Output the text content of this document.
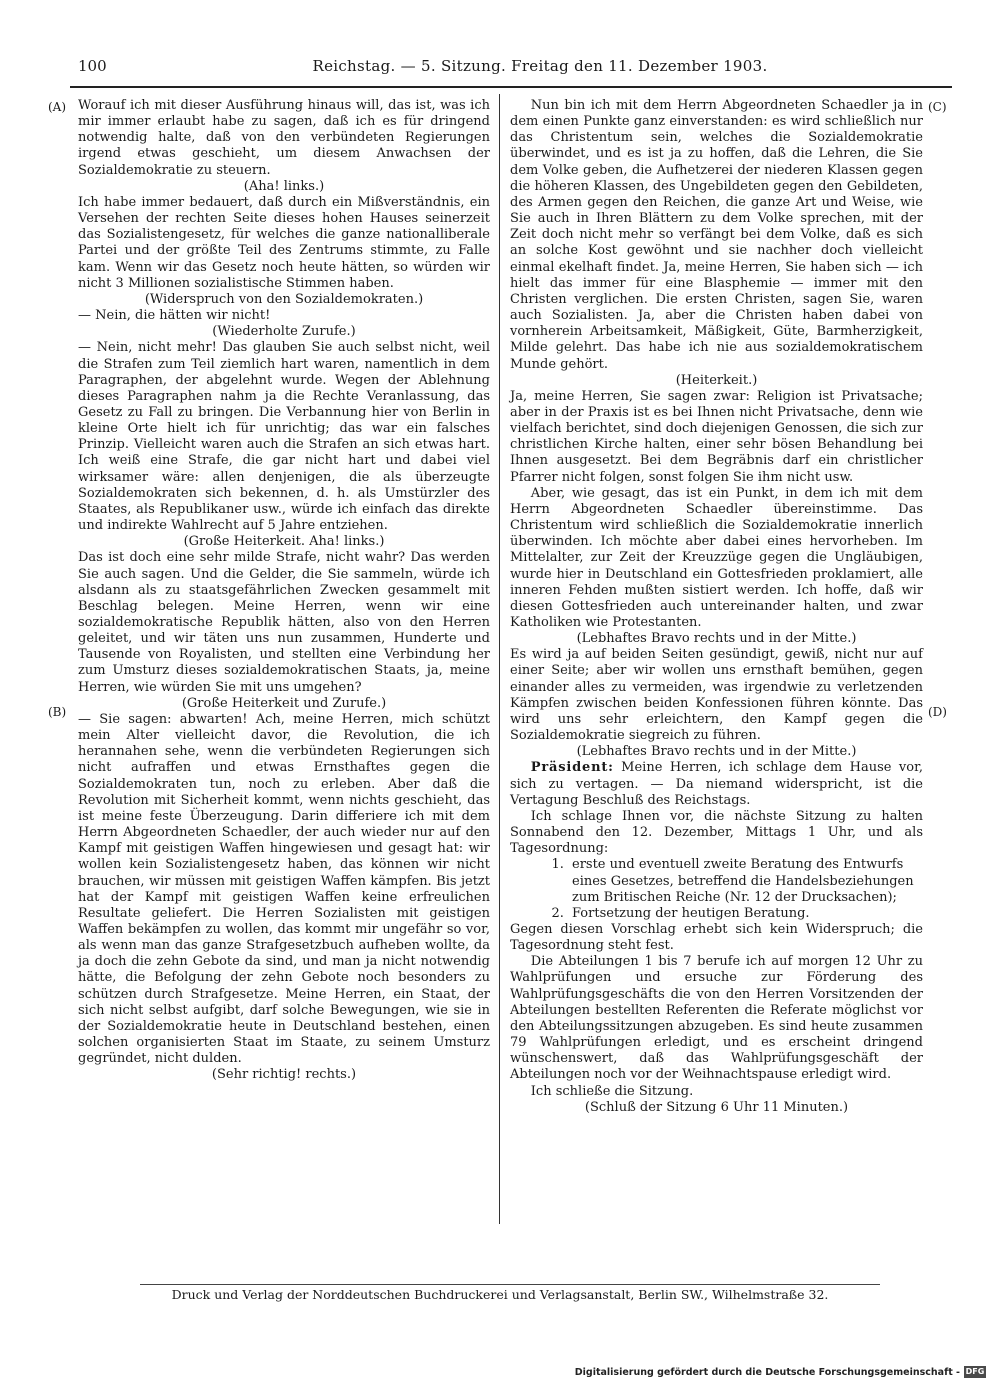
100	Reichstag. — 5. Sitzung. Freitag den 11. Dezember 1903.
(A)
(B)
(C)
(D)

Worauf ich mit dieser Ausführung hinaus will, das ist, was ich mir immer erlaubt habe zu sagen, daß ich es für dringend notwendig halte, daß von den verbündeten Regierungen irgend etwas geschieht, um diesem Anwachsen der Sozialdemokratie zu steuern.

(Aha! links.)

Ich habe immer bedauert, daß durch ein Mißverständnis, ein Versehen der rechten Seite dieses hohen Hauses seinerzeit das Sozialistengesetz, für welches die ganze nationalliberale Partei und der größte Teil des Zentrums stimmte, zu Falle kam. Wenn wir das Gesetz noch heute hätten, so würden wir nicht 3 Millionen sozialistische Stimmen haben.

(Widerspruch von den Sozialdemokraten.)

— Nein, die hätten wir nicht!

(Wiederholte Zurufe.)

— Nein, nicht mehr! Das glauben Sie auch selbst nicht, weil die Strafen zum Teil ziemlich hart waren, namentlich in dem Paragraphen, der abgelehnt wurde. Wegen der Ablehnung dieses Paragraphen nahm ja die Rechte Veranlassung, das Gesetz zu Fall zu bringen. Die Verbannung hier von Berlin in kleine Orte hielt ich für unrichtig; das war ein falsches Prinzip. Vielleicht waren auch die Strafen an sich etwas hart. Ich weiß eine Strafe, die gar nicht hart und dabei viel wirksamer wäre: allen denjenigen, die als überzeugte Sozialdemokraten sich bekennen, d. h. als Umstürzler des Staates, als Republikaner usw., würde ich einfach das direkte und indirekte Wahlrecht auf 5 Jahre entziehen.

(Große Heiterkeit. Aha! links.)

Das ist doch eine sehr milde Strafe, nicht wahr? Das werden Sie auch sagen. Und die Gelder, die Sie sammeln, würde ich alsdann als zu staatsgefährlichen Zwecken gesammelt mit Beschlag belegen. Meine Herren, wenn wir eine sozialdemokratische Republik hätten, also von den Herren geleitet, und wir täten uns nun zusammen, Hunderte und Tausende von Royalisten, und stellten eine Verbindung her zum Umsturz dieses sozialdemokratischen Staats, ja, meine Herren, wie würden Sie mit uns umgehen?

(Große Heiterkeit und Zurufe.)

— Sie sagen: abwarten! Ach, meine Herren, mich schützt mein Alter vielleicht davor, die Revolution, die ich herannahen sehe, wenn die verbündeten Regierungen sich nicht aufraffen und etwas Ernsthaftes gegen die Sozialdemokraten tun, noch zu erleben. Aber daß die Revolution mit Sicherheit kommt, wenn nichts geschieht, das ist meine feste Überzeugung. Darin differiere ich mit dem Herrn Abgeordneten Schaedler, der auch wieder nur auf den Kampf mit geistigen Waffen hingewiesen und gesagt hat: wir wollen kein Sozialistengesetz haben, das können wir nicht brauchen, wir müssen mit geistigen Waffen kämpfen. Bis jetzt hat der Kampf mit geistigen Waffen keine erfreulichen Resultate geliefert. Die Herren Sozialisten mit geistigen Waffen bekämpfen zu wollen, das kommt mir ungefähr so vor, als wenn man das ganze Strafgesetzbuch aufheben wollte, da ja doch die zehn Gebote da sind, und man ja nicht notwendig hätte, die Befolgung der zehn Gebote noch besonders zu schützen durch Strafgesetze. Meine Herren, ein Staat, der sich nicht selbst aufgibt, darf solche Bewegungen, wie sie in der Sozialdemokratie heute in Deutschland bestehen, einen solchen organisierten Staat im Staate, zu seinem Umsturz gegründet, nicht dulden.

(Sehr richtig! rechts.)

Nun bin ich mit dem Herrn Abgeordneten Schaedler ja in dem einen Punkte ganz einverstanden: es wird schließlich nur das Christentum sein, welches die Sozialdemokratie überwindet, und es ist ja zu hoffen, daß die Lehren, die Sie dem Volke geben, die Aufhetzerei der niederen Klassen gegen die höheren Klassen, des Ungebildeten gegen den Gebildeten, des Armen gegen den Reichen, die ganze Art und Weise, wie Sie auch in Ihren Blättern zu dem Volke sprechen, mit der Zeit doch nicht mehr so verfängt bei dem Volke, daß es sich an solche Kost gewöhnt und sie nachher doch vielleicht einmal ekelhaft findet. Ja, meine Herren, Sie haben sich — ich hielt das immer für eine Blasphemie — immer mit den Christen verglichen. Die ersten Christen, sagen Sie, waren auch Sozialisten. Ja, aber die Christen haben dabei von vornherein Arbeitsamkeit, Mäßigkeit, Güte, Barmherzigkeit, Milde gelehrt. Das habe ich nie aus sozialdemokratischem Munde gehört.

(Heiterkeit.)

Ja, meine Herren, Sie sagen zwar: Religion ist Privatsache; aber in der Praxis ist es bei Ihnen nicht Privatsache, denn wie vielfach berichtet, sind doch diejenigen Genossen, die sich zur christlichen Kirche halten, einer sehr bösen Behandlung bei Ihnen ausgesetzt. Bei dem Begräbnis darf ein christlicher Pfarrer nicht folgen, sonst folgen Sie ihm nicht usw.

Aber, wie gesagt, das ist ein Punkt, in dem ich mit dem Herrn Abgeordneten Schaedler übereinstimme. Das Christentum wird schließlich die Sozialdemokratie innerlich überwinden. Ich möchte aber dabei eines hervorheben. Im Mittelalter, zur Zeit der Kreuzzüge gegen die Ungläubigen, wurde hier in Deutschland ein Gottesfrieden proklamiert, alle inneren Fehden mußten sistiert werden. Ich hoffe, daß wir diesen Gottesfrieden auch untereinander halten, und zwar Katholiken wie Protestanten.

(Lebhaftes Bravo rechts und in der Mitte.)

Es wird ja auf beiden Seiten gesündigt, gewiß, nicht nur auf einer Seite; aber wir wollen uns ernsthaft bemühen, gegen einander alles zu vermeiden, was irgendwie zu verletzenden Kämpfen zwischen beiden Konfessionen führen könnte. Das wird uns sehr erleichtern, den Kampf gegen die Sozialdemokratie siegreich zu führen.

(Lebhaftes Bravo rechts und in der Mitte.)

Präsident: Meine Herren, ich schlage dem Hause vor, sich zu vertagen. — Da niemand widerspricht, ist die Vertagung Beschluß des Reichstags.

Ich schlage Ihnen vor, die nächste Sitzung zu halten Sonnabend den 12. Dezember, Mittags 1 Uhr, und als Tagesordnung:

1. erste und eventuell zweite Beratung des Entwurfs eines Gesetzes, betreffend die Handelsbeziehungen zum Britischen Reiche (Nr. 12 der Drucksachen);
2. Fortsetzung der heutigen Beratung.

Gegen diesen Vorschlag erhebt sich kein Widerspruch; die Tagesordnung steht fest.

Die Abteilungen 1 bis 7 berufe ich auf morgen 12 Uhr zu Wahlprüfungen und ersuche zur Förderung des Wahlprüfungsgeschäfts die von den Herren Vorsitzenden der Abteilungen bestellten Referenten die Referate möglichst vor den Abteilungssitzungen abzugeben. Es sind heute zusammen 79 Wahlprüfungen erledigt, und es erscheint dringend wünschenswert, daß das Wahlprüfungsgeschäft der Abteilungen noch vor der Weihnachtspause erledigt wird.

Ich schließe die Sitzung.

(Schluß der Sitzung 6 Uhr 11 Minuten.)

Druck und Verlag der Norddeutschen Buchdruckerei und Verlagsanstalt, Berlin SW., Wilhelmstraße 32.
Digitalisierung gefördert durch die Deutsche Forschungsgemeinschaft - DFG
